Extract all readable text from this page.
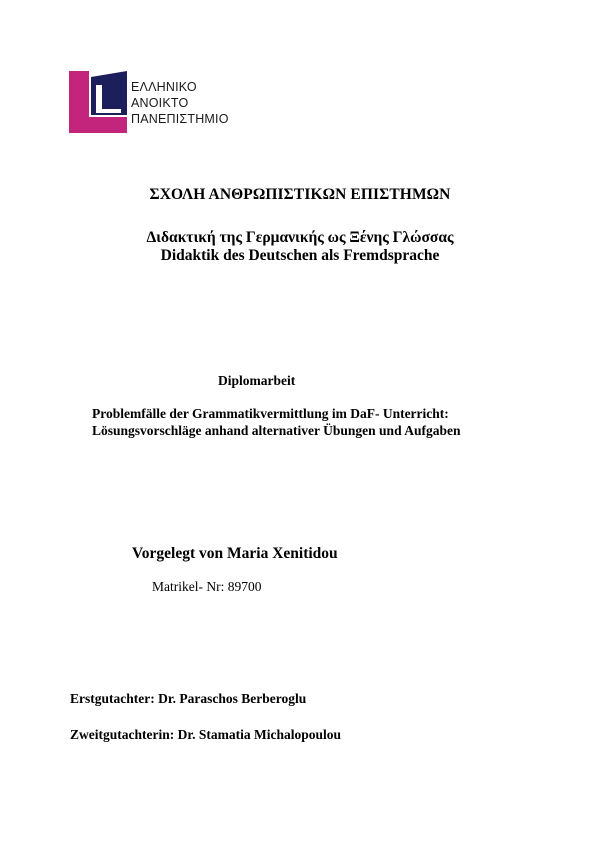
ΕΛΛΗΝΙΚΟ
ΑΝΟΙΚΤΟ
ΠΑΝΕΠΙΣΤΗΜΙΟ
ΣΧΟΛΗ ΑΝΘΡΩΠΙΣΤΙΚΩΝ ΕΠΙΣΤΗΜΩΝ
Διδακτική της Γερμανικής ως Ξένης Γλώσσας
Didaktik des Deutschen als Fremdsprache
Diplomarbeit
Problemfälle der Grammatikvermittlung im DaF- Unterricht:
Lösungsvorschläge anhand alternativer Übungen und Aufgaben
Vorgelegt von Maria Xenitidou
Matrikel- Nr: 89700
Erstgutachter: Dr. Paraschos Berberoglu
Zweitgutachterin: Dr. Stamatia Michalopoulou
